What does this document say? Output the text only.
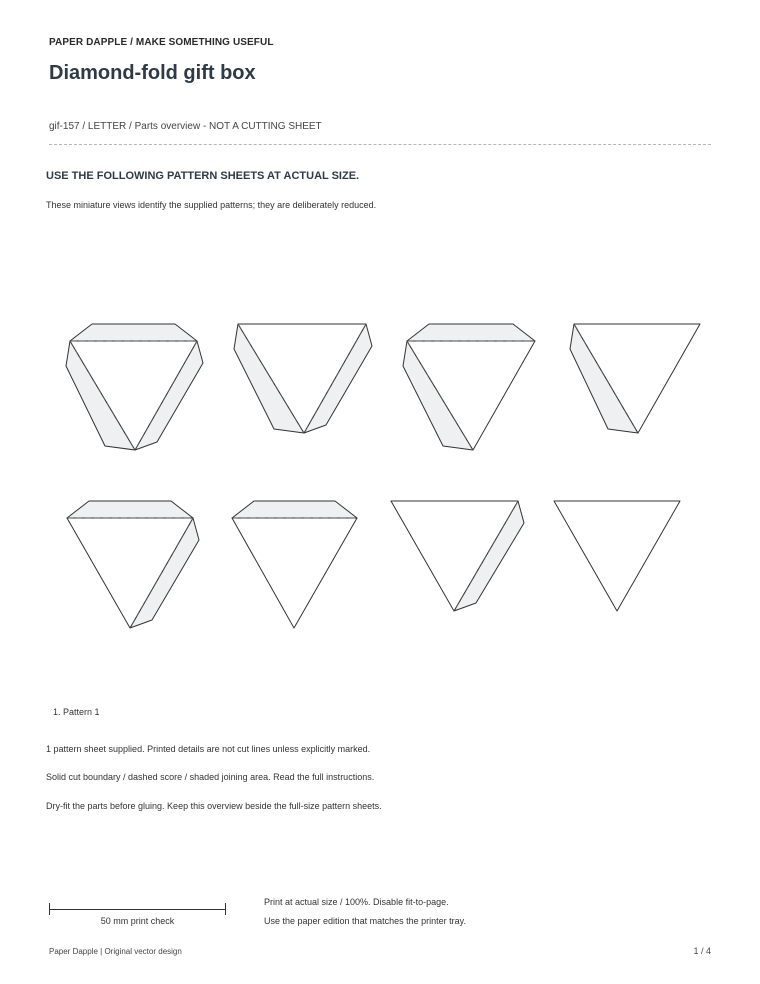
PAPER DAPPLE / MAKE SOMETHING USEFUL
Diamond-fold gift box
gif-157 / LETTER / Parts overview - NOT A CUTTING SHEET
USE THE FOLLOWING PATTERN SHEETS AT ACTUAL SIZE.
These miniature views identify the supplied patterns; they are deliberately reduced.
1. Pattern 1
1 pattern sheet supplied. Printed details are not cut lines unless explicitly marked.
Solid cut boundary / dashed score / shaded joining area. Read the full instructions.
Dry-fit the parts before gluing. Keep this overview beside the full-size pattern sheets.
50 mm print check
Print at actual size / 100%. Disable fit-to-page.
Use the paper edition that matches the printer tray.
Paper Dapple | Original vector design	1 / 4
